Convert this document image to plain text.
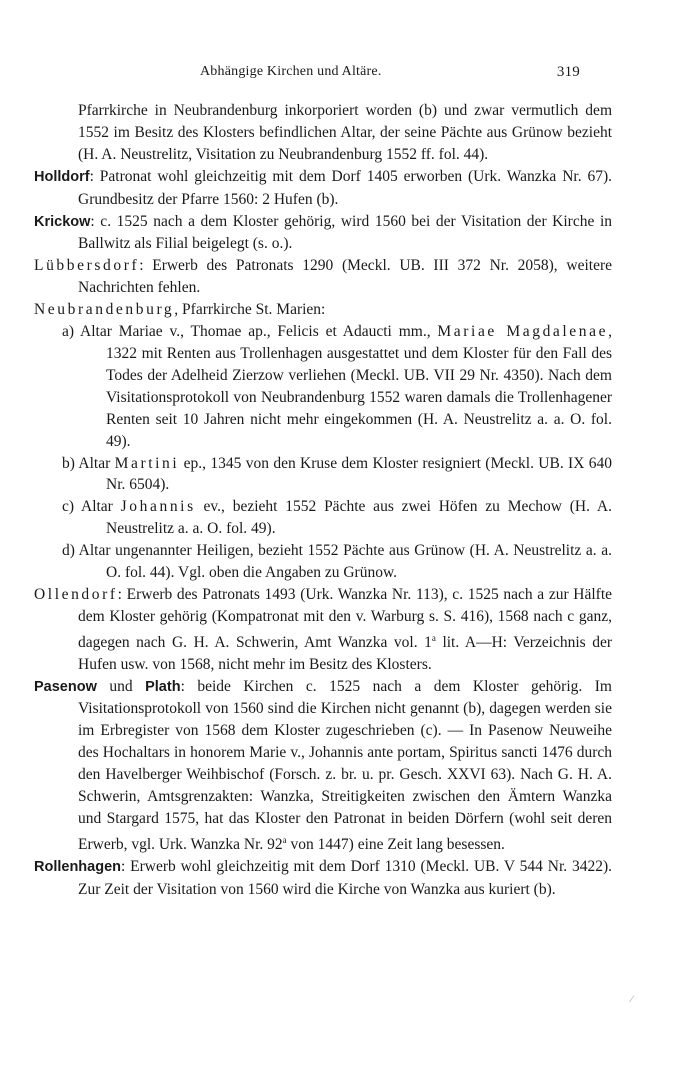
Abhängige Kirchen und Altäre.	319
Pfarrkirche in Neubrandenburg inkorporiert worden (b) und zwar vermutlich dem 1552 im Besitz des Klosters befindlichen Altar, der seine Pächte aus Grünow bezieht (H. A. Neustrelitz, Visitation zu Neubrandenburg 1552 ff. fol. 44).
Holldorf: Patronat wohl gleichzeitig mit dem Dorf 1405 erworben (Urk. Wanzka Nr. 67). Grundbesitz der Pfarre 1560: 2 Hufen (b).
Krickow: c. 1525 nach a dem Kloster gehörig, wird 1560 bei der Visitation der Kirche in Ballwitz als Filial beigelegt (s. o.).
Lübbersdorf: Erwerb des Patronats 1290 (Meckl. UB. III 372 Nr. 2058), weitere Nachrichten fehlen.
Neubrandenburg, Pfarrkirche St. Marien:
a) Altar Mariae v., Thomae ap., Felicis et Adaucti mm., Mariae Magdalenae, 1322 mit Renten aus Trollenhagen ausgestattet und dem Kloster für den Fall des Todes der Adelheid Zierzow verliehen (Meckl. UB. VII 29 Nr. 4350). Nach dem Visitationsprotokoll von Neubrandenburg 1552 waren damals die Trollenhagener Renten seit 10 Jahren nicht mehr eingekommen (H. A. Neustrelitz a. a. O. fol. 49).
b) Altar Martini ep., 1345 von den Kruse dem Kloster resigniert (Meckl. UB. IX 640 Nr. 6504).
c) Altar Johannis ev., bezieht 1552 Pächte aus zwei Höfen zu Mechow (H. A. Neustrelitz a. a. O. fol. 49).
d) Altar ungenannter Heiligen, bezieht 1552 Pächte aus Grünow (H. A. Neustrelitz a. a. O. fol. 44). Vgl. oben die Angaben zu Grünow.
Ollendorf: Erwerb des Patronats 1493 (Urk. Wanzka Nr. 113), c. 1525 nach a zur Hälfte dem Kloster gehörig (Kompatronat mit den v. Warburg s. S. 416), 1568 nach c ganz, dagegen nach G. H. A. Schwerin, Amt Wanzka vol. 1$^a$ lit. A—H: Verzeichnis der Hufen usw. von 1568, nicht mehr im Besitz des Klosters.
Pasenow und Plath: beide Kirchen c. 1525 nach a dem Kloster gehörig. Im Visitationsprotokoll von 1560 sind die Kirchen nicht genannt (b), dagegen werden sie im Erbregister von 1568 dem Kloster zugeschrieben (c). — In Pasenow Neuweihe des Hochaltars in honorem Marie v., Johannis ante portam, Spiritus sancti 1476 durch den Havelberger Weihbischof (Forsch. z. br. u. pr. Gesch. XXVI 63). Nach G. H. A. Schwerin, Amtsgrenzakten: Wanzka, Streitigkeiten zwischen den Ämtern Wanzka und Stargard 1575, hat das Kloster den Patronat in beiden Dörfern (wohl seit deren Erwerb, vgl. Urk. Wanzka Nr. 92$^a$ von 1447) eine Zeit lang besessen.
Rollenhagen: Erwerb wohl gleichzeitig mit dem Dorf 1310 (Meckl. UB. V 544 Nr. 3422). Zur Zeit der Visitation von 1560 wird die Kirche von Wanzka aus kuriert (b).
⁄
